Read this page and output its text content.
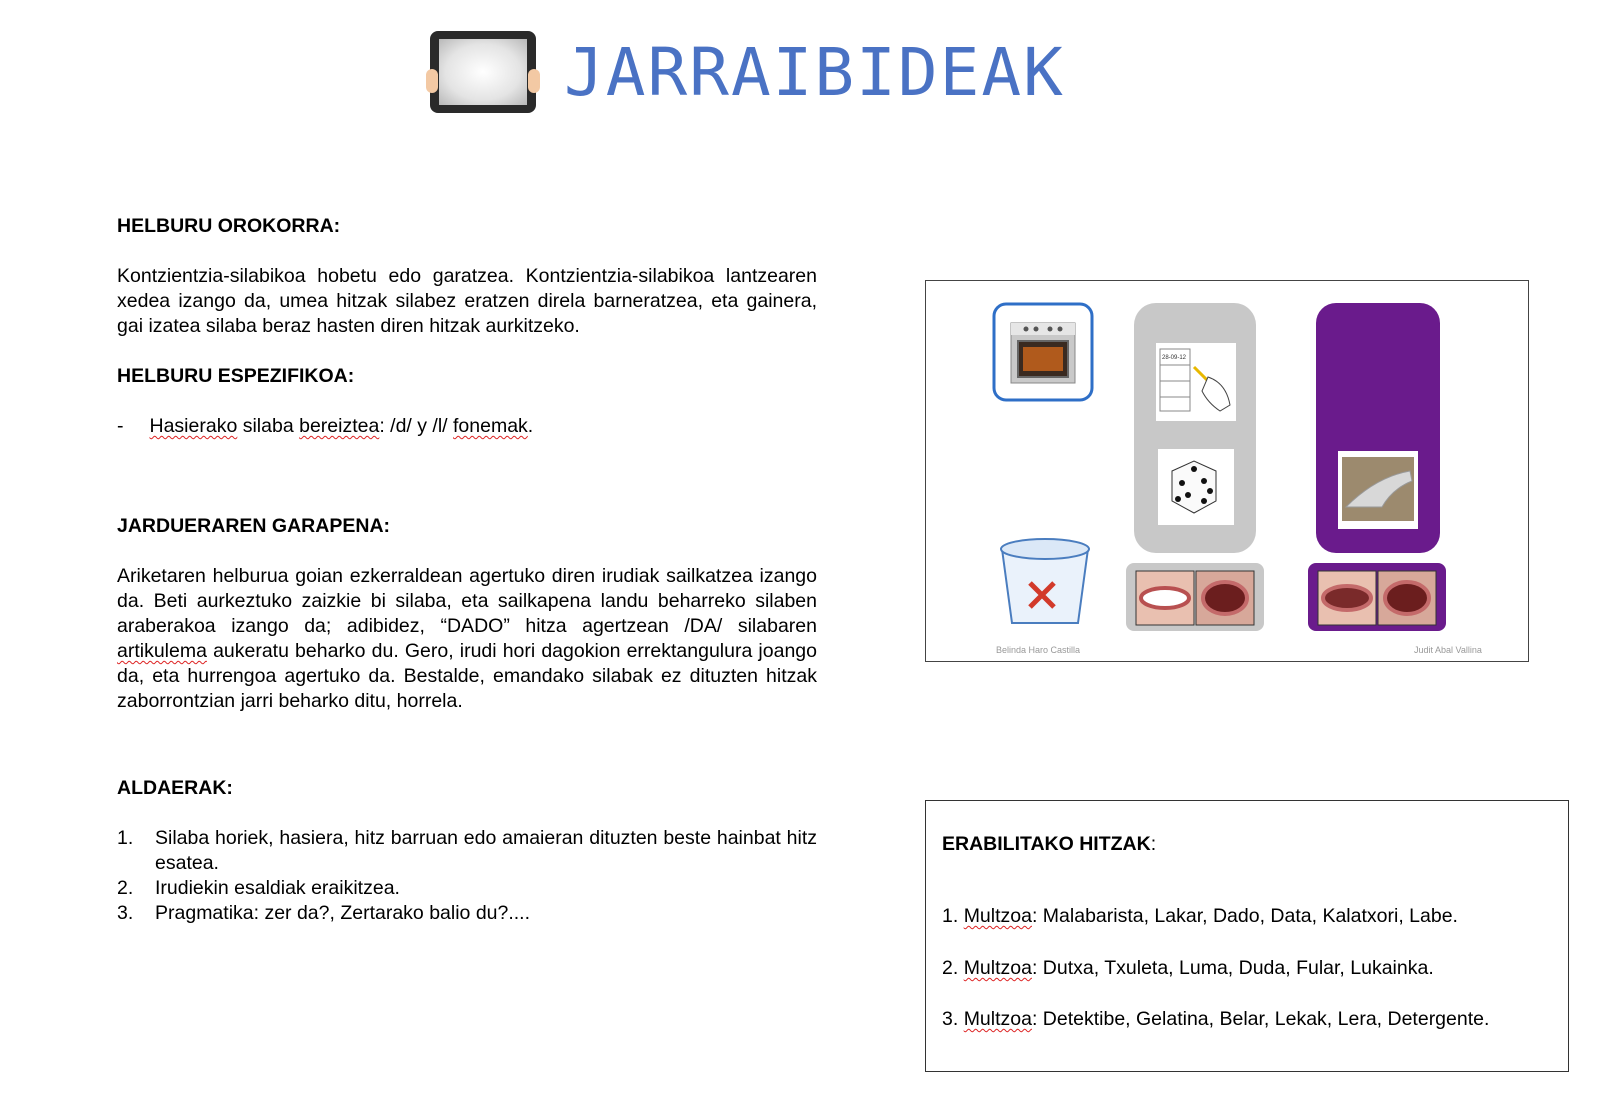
JARRAIBIDEAK

HELBURU OROKORRA:

Kontzientzia-silabikoa hobetu edo garatzea. Kontzientzia-silabikoa lantzearen xedea izango da, umea hitzak silabez eratzen direla barneratzea, eta gainera, gai izatea silaba beraz hasten diren hitzak aurkitzeko.

HELBURU ESPEZIFIKOA:

- Hasierako silaba bereiztea: /d/ y /l/ fonemak.

JARDUERAREN GARAPENA:

Ariketaren helburua goian ezkerraldean agertuko diren irudiak sailkatzea izango da. Beti aurkeztuko zaizkie bi silaba, eta sailkapena landu beharreko silaben araberakoa izango da; adibidez, “DADO” hitza agertzean /DA/ silabaren artikulema aukeratu beharko du. Gero, irudi hori dagokion errektangulura joango da, eta hurrengoa agertuko da. Bestalde, emandako silabak ez dituzten hitzak zaborrontzian jarri beharko ditu, horrela.

ALDAERAK:

1.	Silaba horiek, hasiera, hitz barruan edo amaieran dituzten beste hainbat hitz esatea.
2.	Irudiekin esaldiak eraikitzea.
3.	Pragmatika: zer da?, Zertarako balio du?....
28-09-12
Belinda Haro Castilla	Judit Abal Vallina
ERABILITAKO HITZAK:
1. Multzoa: Malabarista, Lakar, Dado, Data, Kalatxori, Labe.
2. Multzoa: Dutxa, Txuleta, Luma, Duda, Fular, Lukainka.
3. Multzoa: Detektibe, Gelatina, Belar, Lekak, Lera, Detergente.
